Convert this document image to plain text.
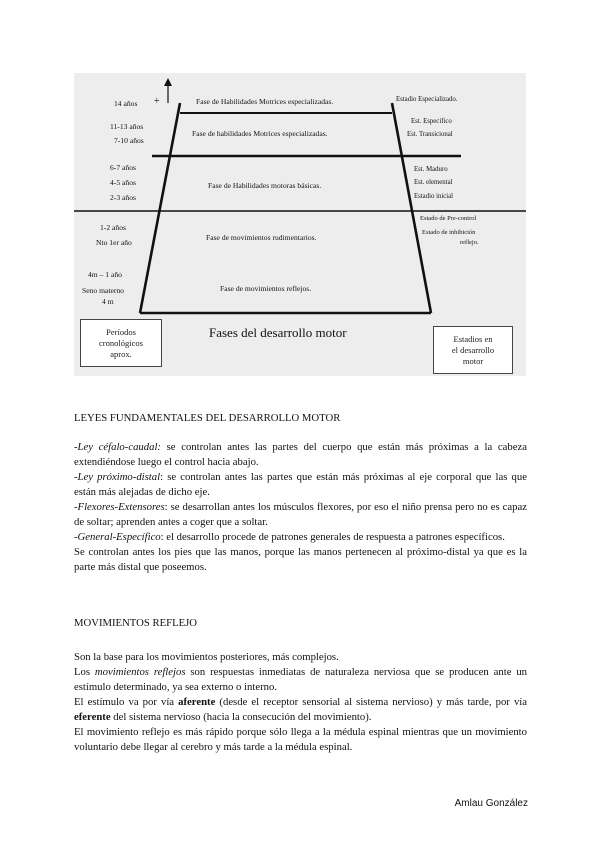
14 años +
11-13 años
7-10 años
6-7 años
4-5 años
2-3 años
1-2 años
Nto 1er año
4m – 1 año
Seno materno
4 m
Fase de Habilidades Motrices especializadas.
Fase de habilidades Motrices especializadas.
Fase de Habilidades motoras básicas.
Fase de movimientos rudimentarios.
Fase de movimientos reflejos.
Estadio Especializado.
Est. Específico
Est. Transicional
Est. Maduro
Est. elemental
Estadio inicial
Estado de Pre-control
Estado de inhibición
reflejo.
Fases del desarrollo motor
Períodos
cronológicos
aprox.
Estadios en
el desarrollo
motor
LEYES FUNDAMENTALES DEL DESARROLLO MOTOR

-Ley céfalo-caudal: se controlan antes las partes del cuerpo que están más próximas a la cabeza extendiéndose luego el control hacia abajo.

-Ley próximo-distal: se controlan antes las partes que están más próximas al eje corporal que las que están más alejadas de dicho eje.

-Flexores-Extensores: se desarrollan antes los músculos flexores, por eso el niño prensa pero no es capaz de soltar; aprenden antes a coger que a soltar.

-General-Específico: el desarrollo procede de patrones generales de respuesta a patrones específicos.

Se controlan antes los pies que las manos, porque las manos pertenecen al próximo-distal ya que es la parte más distal que poseemos.

MOVIMIENTOS REFLEJO

Son la base para los movimientos posteriores, más complejos.

Los movimientos reflejos son respuestas inmediatas de naturaleza nerviosa que se producen ante un estímulo determinado, ya sea externo o interno.

El estímulo va por vía aferente (desde el receptor sensorial al sistema nervioso) y más tarde, por vía eferente del sistema nervioso (hacia la consecución del movimiento).

El movimiento reflejo es más rápido porque sólo llega a la médula espinal mientras que un movimiento voluntario debe llegar al cerebro y más tarde a la médula espinal.

Amlau González
